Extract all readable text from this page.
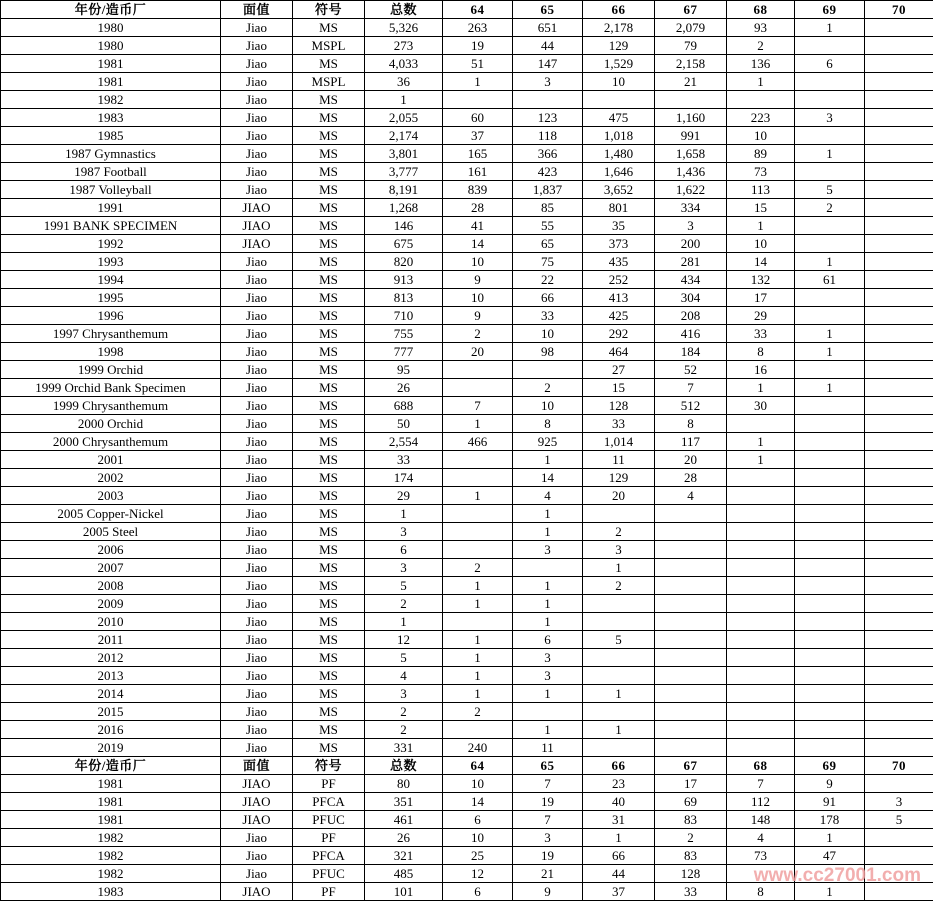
年份/造币厂	面值	符号	总数	64	65	66	67	68	69	70
1980	Jiao	MS	5,326	263	651	2,178	2,079	93	1	
1980	Jiao	MSPL	273	19	44	129	79	2		
1981	Jiao	MS	4,033	51	147	1,529	2,158	136	6	
1981	Jiao	MSPL	36	1	3	10	21	1		
1982	Jiao	MS	1							
1983	Jiao	MS	2,055	60	123	475	1,160	223	3	
1985	Jiao	MS	2,174	37	118	1,018	991	10		
1987 Gymnastics	Jiao	MS	3,801	165	366	1,480	1,658	89	1	
1987 Football	Jiao	MS	3,777	161	423	1,646	1,436	73		
1987 Volleyball	Jiao	MS	8,191	839	1,837	3,652	1,622	113	5	
1991	JIAO	MS	1,268	28	85	801	334	15	2	
1991 BANK SPECIMEN	JIAO	MS	146	41	55	35	3	1		
1992	JIAO	MS	675	14	65	373	200	10		
1993	Jiao	MS	820	10	75	435	281	14	1	
1994	Jiao	MS	913	9	22	252	434	132	61	
1995	Jiao	MS	813	10	66	413	304	17		
1996	Jiao	MS	710	9	33	425	208	29		
1997 Chrysanthemum	Jiao	MS	755	2	10	292	416	33	1	
1998	Jiao	MS	777	20	98	464	184	8	1	
1999 Orchid	Jiao	MS	95			27	52	16		
1999 Orchid Bank Specimen	Jiao	MS	26		2	15	7	1	1	
1999 Chrysanthemum	Jiao	MS	688	7	10	128	512	30		
2000 Orchid	Jiao	MS	50	1	8	33	8			
2000 Chrysanthemum	Jiao	MS	2,554	466	925	1,014	117	1		
2001	Jiao	MS	33		1	11	20	1		
2002	Jiao	MS	174		14	129	28			
2003	Jiao	MS	29	1	4	20	4			
2005 Copper-Nickel	Jiao	MS	1		1					
2005 Steel	Jiao	MS	3		1	2				
2006	Jiao	MS	6		3	3				
2007	Jiao	MS	3	2		1				
2008	Jiao	MS	5	1	1	2				
2009	Jiao	MS	2	1	1					
2010	Jiao	MS	1		1					
2011	Jiao	MS	12	1	6	5				
2012	Jiao	MS	5	1	3					
2013	Jiao	MS	4	1	3					
2014	Jiao	MS	3	1	1	1				
2015	Jiao	MS	2	2						
2016	Jiao	MS	2		1	1				
2019	Jiao	MS	331	240	11					
年份/造币厂	面值	符号	总数	64	65	66	67	68	69	70
1981	JIAO	PF	80	10	7	23	17	7	9	
1981	JIAO	PFCA	351	14	19	40	69	112	91	3
1981	JIAO	PFUC	461	6	7	31	83	148	178	5
1982	Jiao	PF	26	10	3	1	2	4	1	
1982	Jiao	PFCA	321	25	19	66	83	73	47	
1982	Jiao	PFUC	485	12	21	44	128			
1983	JIAO	PF	101	6	9	37	33	8	1	
www.cc27001.com
